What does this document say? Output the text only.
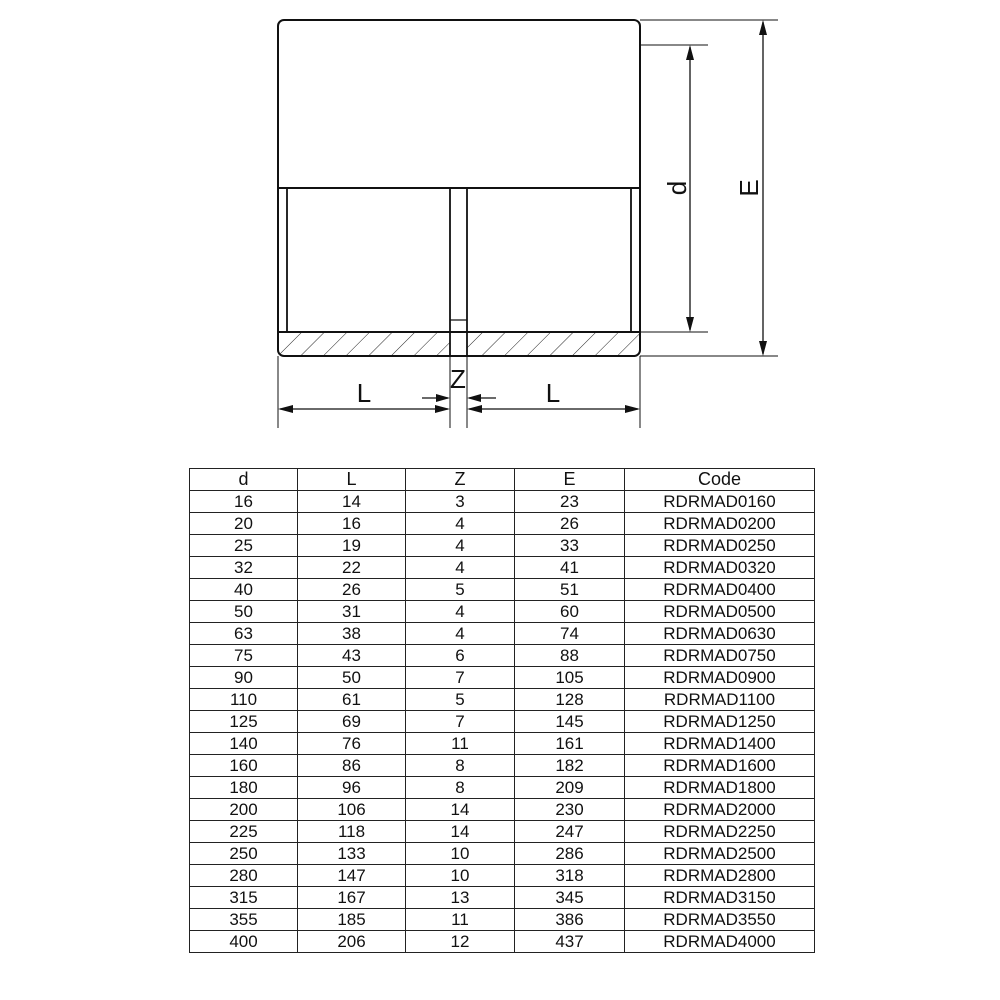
d E
L	Z	L
d	L	Z	E	Code
16	14	3	23	RDRMAD0160
20	16	4	26	RDRMAD0200
25	19	4	33	RDRMAD0250
32	22	4	41	RDRMAD0320
40	26	5	51	RDRMAD0400
50	31	4	60	RDRMAD0500
63	38	4	74	RDRMAD0630
75	43	6	88	RDRMAD0750
90	50	7	105	RDRMAD0900
110	61	5	128	RDRMAD1100
125	69	7	145	RDRMAD1250
140	76	11	161	RDRMAD1400
160	86	8	182	RDRMAD1600
180	96	8	209	RDRMAD1800
200	106	14	230	RDRMAD2000
225	118	14	247	RDRMAD2250
250	133	10	286	RDRMAD2500
280	147	10	318	RDRMAD2800
315	167	13	345	RDRMAD3150
355	185	11	386	RDRMAD3550
400	206	12	437	RDRMAD4000
